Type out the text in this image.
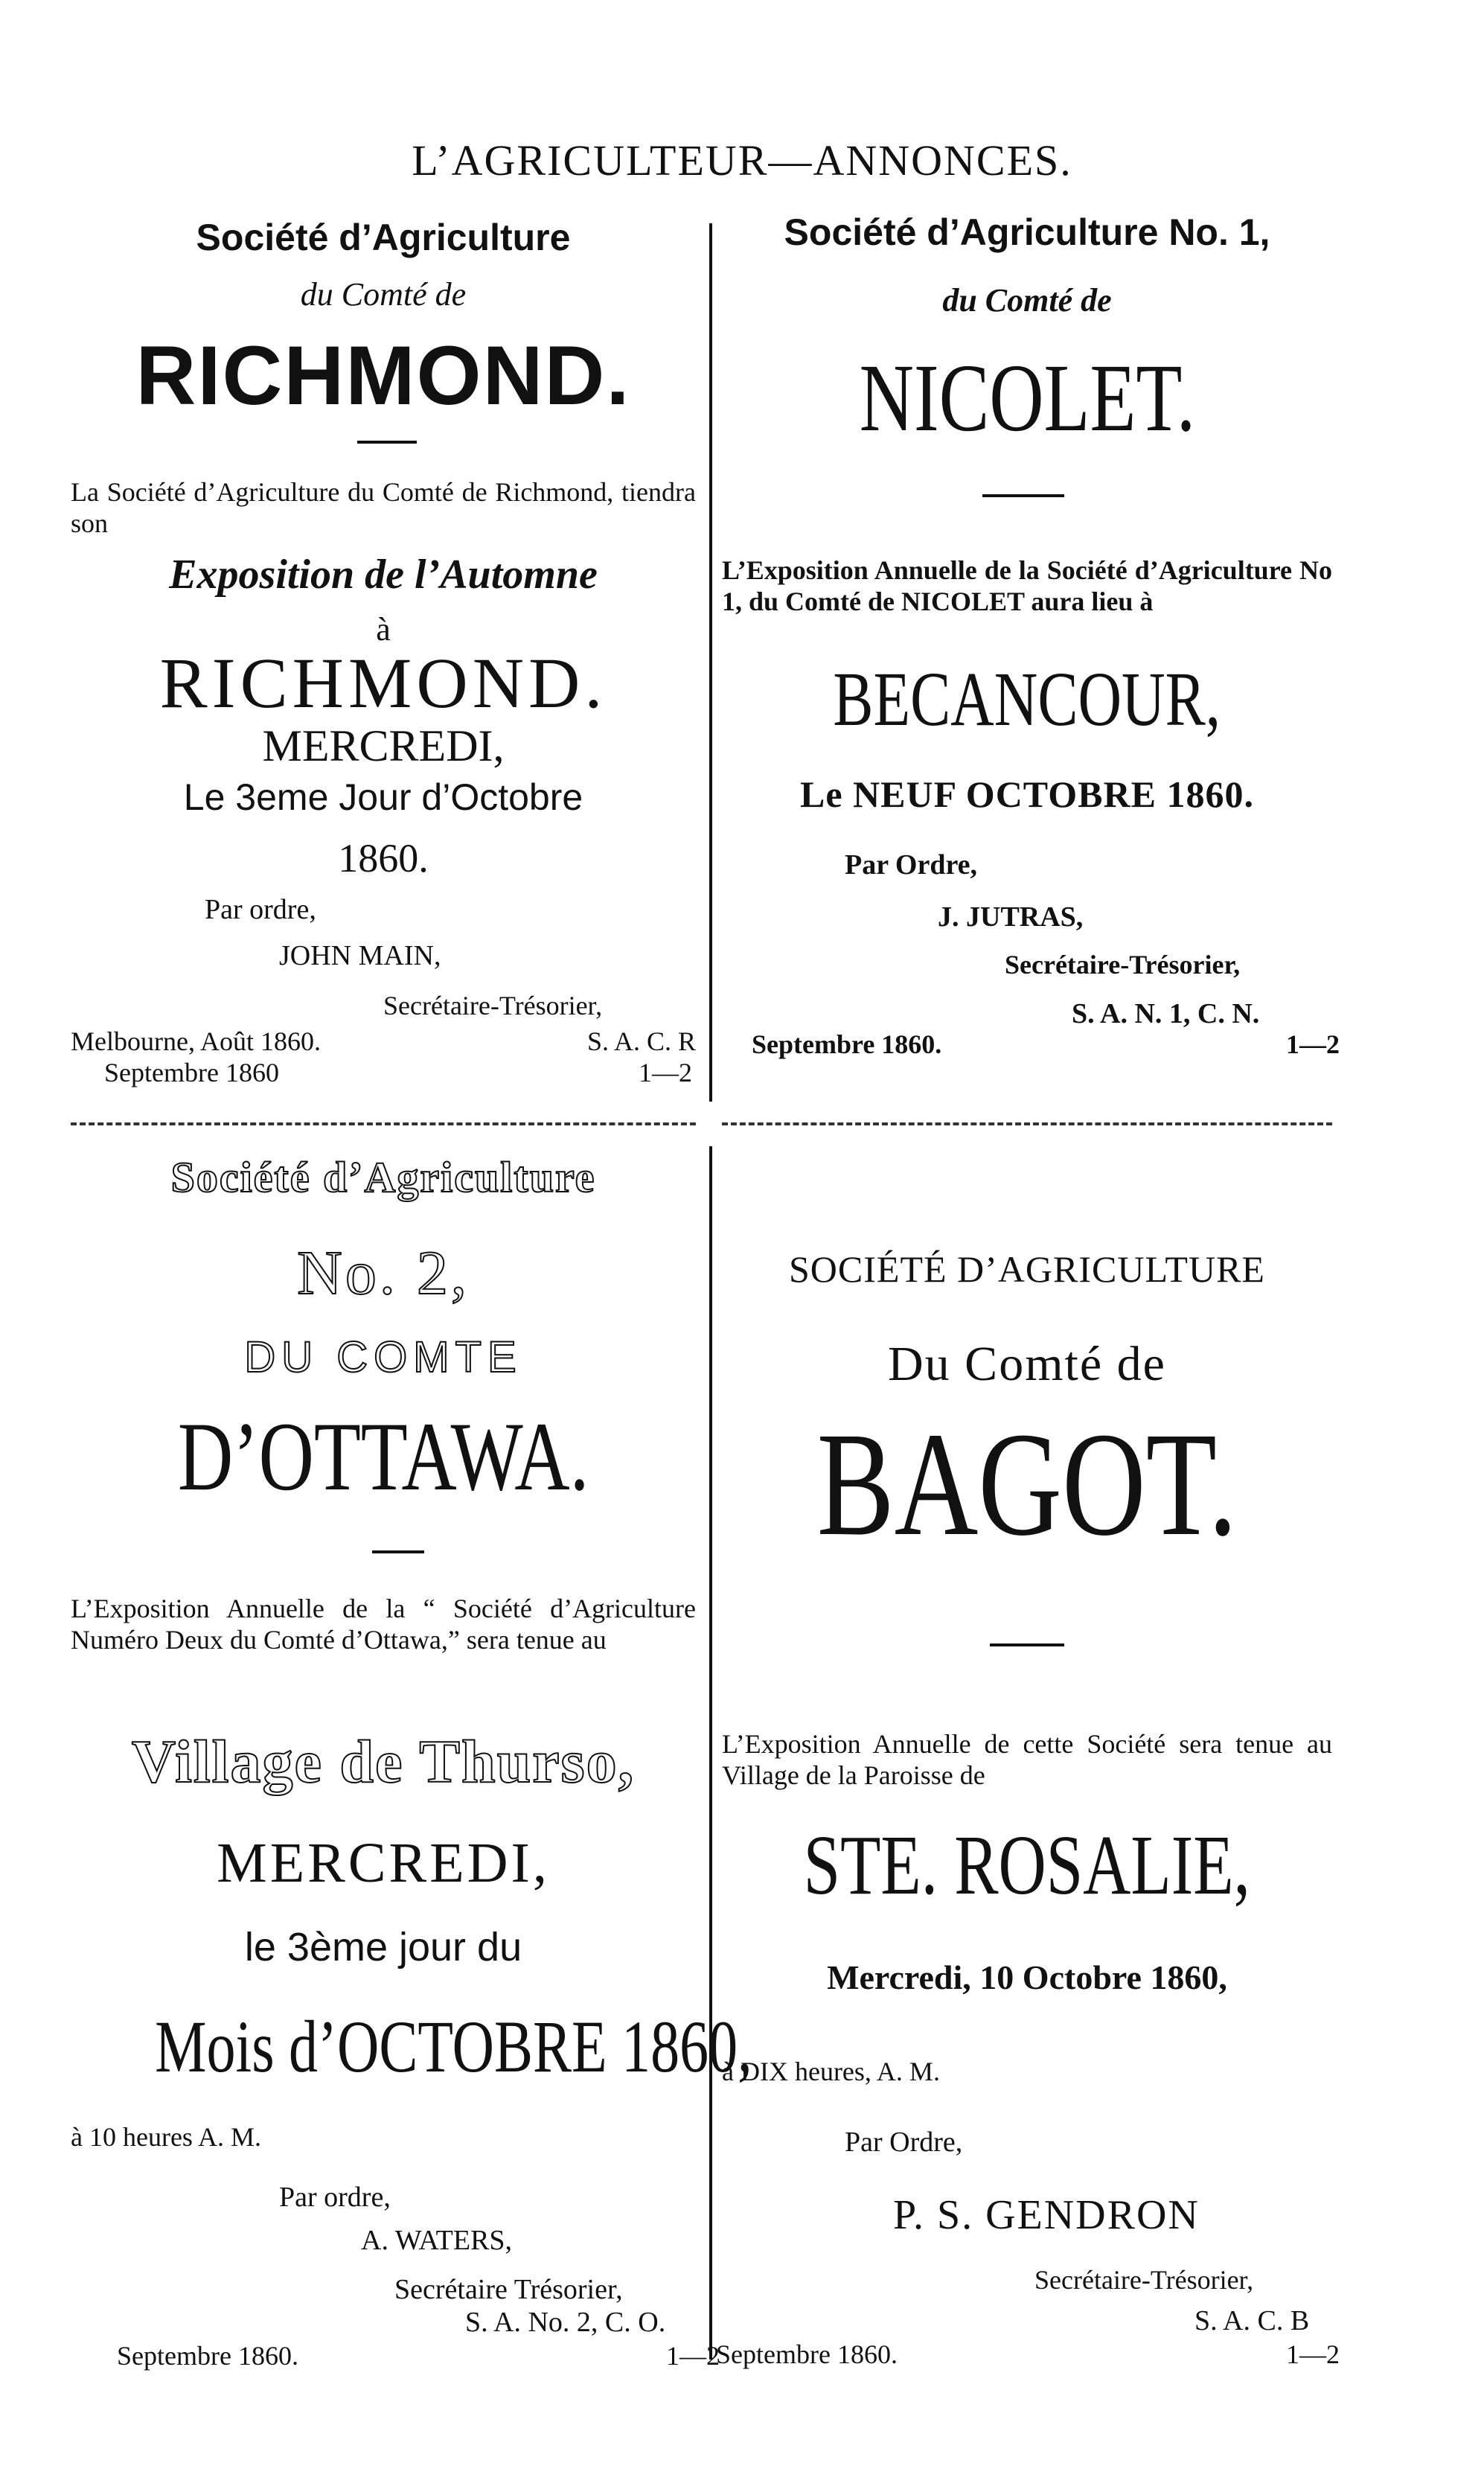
L’AGRICULTEUR—ANNONCES.
Société d’Agriculture
du Comté de
RICHMOND.
La Société d’Agriculture du Comté de Richmond, tiendra son
Exposition de l’Automne
à
RICHMOND.
MERCREDI,
Le 3eme Jour d’Octobre
1860.
Par ordre,
JOHN MAIN,
Secrétaire-Trésorier,
Melbourne, Août 1860.	S. A. C. R
Septembre 1860	1—2
Société d’Agriculture No. 1,
du Comté de
NICOLET.
L’Exposition Annuelle de la Société d’Agriculture No 1, du Comté de NICOLET aura lieu à
BECANCOUR,
Le NEUF OCTOBRE 1860.
Par Ordre,
J. JUTRAS,
Secrétaire-Trésorier,
S. A. N. 1, C. N.
Septembre 1860.	1—2
Société d’Agriculture
No. 2,
DU COMTE
D’OTTAWA.
L’Exposition Annuelle de la “ Société d’Agriculture Numéro Deux du Comté d’Ottawa,” sera tenue au
Village de Thurso,
MERCREDI,
le 3ème jour du
Mois d’OCTOBRE 1860,
à 10 heures A. M.
Par ordre,
A. WATERS,
Secrétaire Trésorier,
S. A. No. 2, C. O.
Septembre 1860.	1—2
SOCIÉTÉ D’AGRICULTURE
Du Comté de
BAGOT.
L’Exposition Annuelle de cette Société sera tenue au Village de la Paroisse de
STE. ROSALIE,
Mercredi, 10 Octobre 1860,
à DIX heures, A. M.
Par Ordre,
P. S. GENDRON
Secrétaire-Trésorier,
S. A. C. B
Septembre 1860.	1—2
